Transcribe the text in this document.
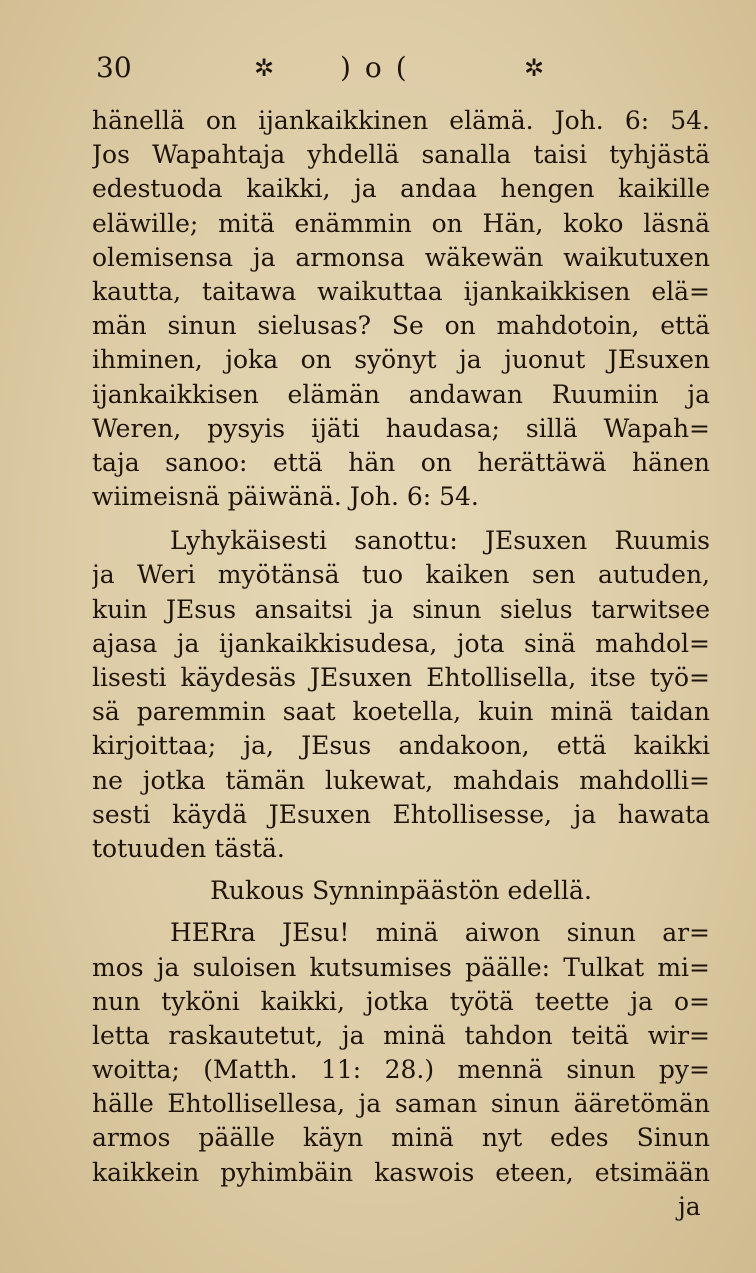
30	✲ )o(	✲
hänellä on ijankaikkinen elämä. Joh. 6: 54.
Jos Wapahtaja yhdellä sanalla taisi tyhjästä
edestuoda kaikki, ja andaa hengen kaikille
eläwille; mitä enämmin on Hän, koko läsnä
olemisensa ja armonsa wäkewän waikutuxen
kautta, taitawa waikuttaa ijankaikkisen elä=
män sinun sielusas? Se on mahdotoin, että
ihminen, joka on syönyt ja juonut JEsuxen
ijankaikkisen elämän andawan Ruumiin ja
Weren, pysyis ijäti haudasa; sillä Wapah=
taja sanoo: että hän on herättäwä hänen
wiimeisnä päiwänä. Joh. 6: 54.
Lyhykäisesti sanottu: JEsuxen Ruumis
ja Weri myötänsä tuo kaiken sen autuden,
kuin JEsus ansaitsi ja sinun sielus tarwitsee
ajasa ja ijankaikkisudesa, jota sinä mahdol=
lisesti käydesäs JEsuxen Ehtollisella, itse työ=
sä paremmin saat koetella, kuin minä taidan
kirjoittaa; ja, JEsus andakoon, että kaikki
ne jotka tämän lukewat, mahdais mahdolli=
sesti käydä JEsuxen Ehtollisesse, ja hawata
totuuden tästä.
Rukous Synninpäästön edellä.
HERra JEsu! minä aiwon sinun ar=
mos ja suloisen kutsumises päälle: Tulkat mi=
nun tyköni kaikki, jotka työtä teette ja o=
letta raskautetut, ja minä tahdon teitä wir=
woitta; (Matth. 11: 28.) mennä sinun py=
hälle Ehtollisellesa, ja saman sinun ääretömän
armos päälle käyn minä nyt edes Sinun
kaikkein pyhimbäin kaswois eteen, etsimään
ja
